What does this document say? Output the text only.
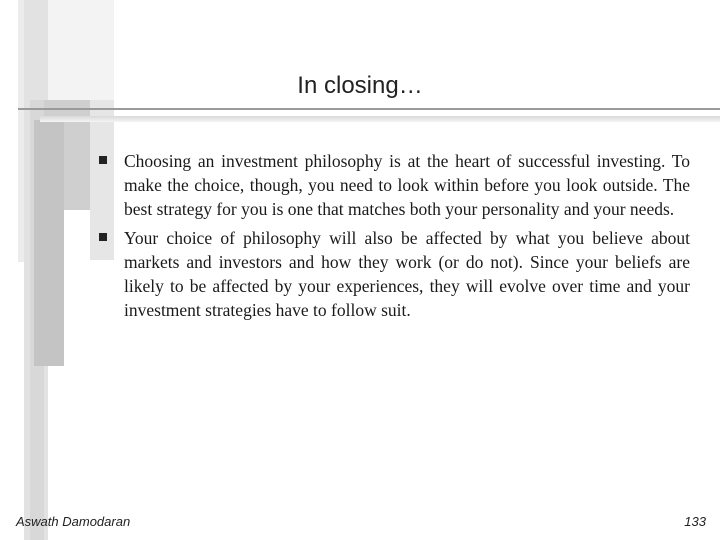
In closing…
Choosing an investment philosophy is at the heart of successful investing. To make the choice, though, you need to look within before you look outside. The best strategy for you is one that matches both your personality and your needs.
Your choice of philosophy will also be affected by what you believe about markets and investors and how they work (or do not). Since your beliefs are likely to be affected by your experiences, they will evolve over time and your investment strategies have to follow suit.
Aswath Damodaran	133
